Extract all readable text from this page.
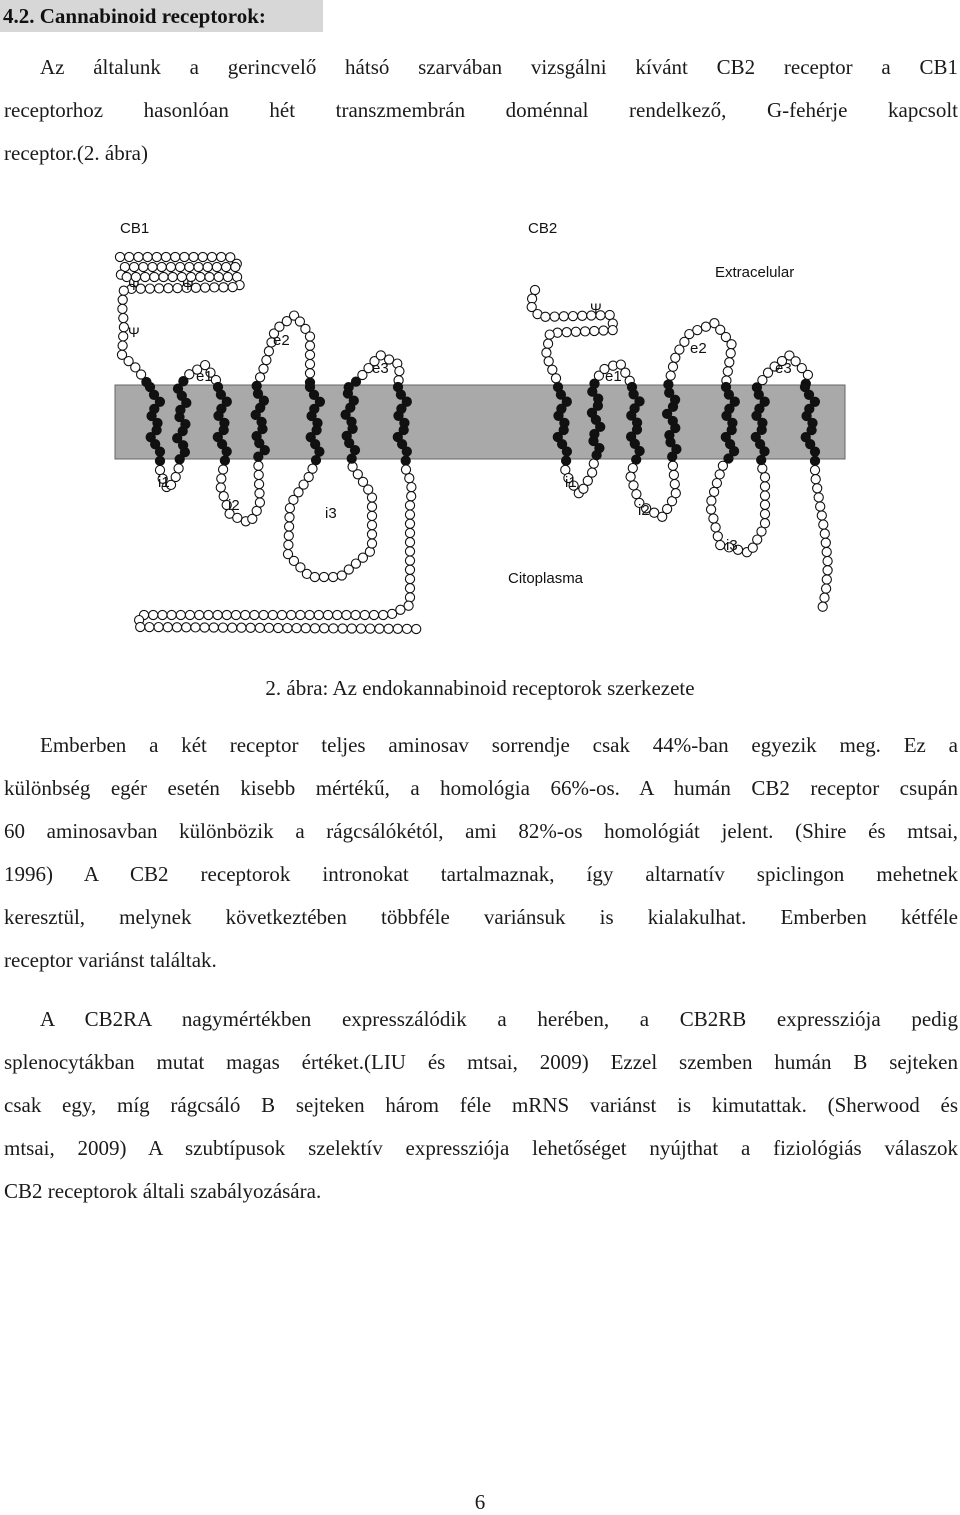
4.2. Cannabinoid receptorok:
Az általunk a gerincvelő hátsó szarvában vizsgálni kívánt CB2 receptor a CB1
receptorhoz hasonlóan hét transzmembrán doménnal rendelkező, G-fehérje kapcsolt
receptor.(2. ábra)
CB1	CB2
Extracelular
Citoplasma
e1
e2
e3
i1
i2	i3
e1
e2
e3
i1
i2
i3
Ψ	Ψ
Ψ
Ψ
2. ábra: Az endokannabinoid receptorok szerkezete
Emberben a két receptor teljes aminosav sorrendje csak 44%-ban egyezik meg. Ez a
különbség egér esetén kisebb mértékű, a homológia 66%-os. A humán CB2 receptor csupán
60 aminosavban különbözik a rágcsálókétól, ami 82%-os homológiát jelent. (Shire és mtsai,
1996) A CB2 receptorok intronokat tartalmaznak, így altarnatív spiclingon mehetnek
keresztül, melynek következtében többféle variánsuk is kialakulhat. Emberben kétféle
receptor variánst találtak.
A CB2RA nagymértékben expresszálódik a herében, a CB2RB expressziója pedig
splenocytákban mutat magas értéket.(LIU és mtsai, 2009) Ezzel szemben humán B sejteken
csak egy, míg rágcsáló B sejteken három féle mRNS variánst is kimutattak. (Sherwood és
mtsai, 2009) A szubtípusok szelektív expressziója lehetőséget nyújthat a fiziológiás válaszok
CB2 receptorok általi szabályozására.
6
